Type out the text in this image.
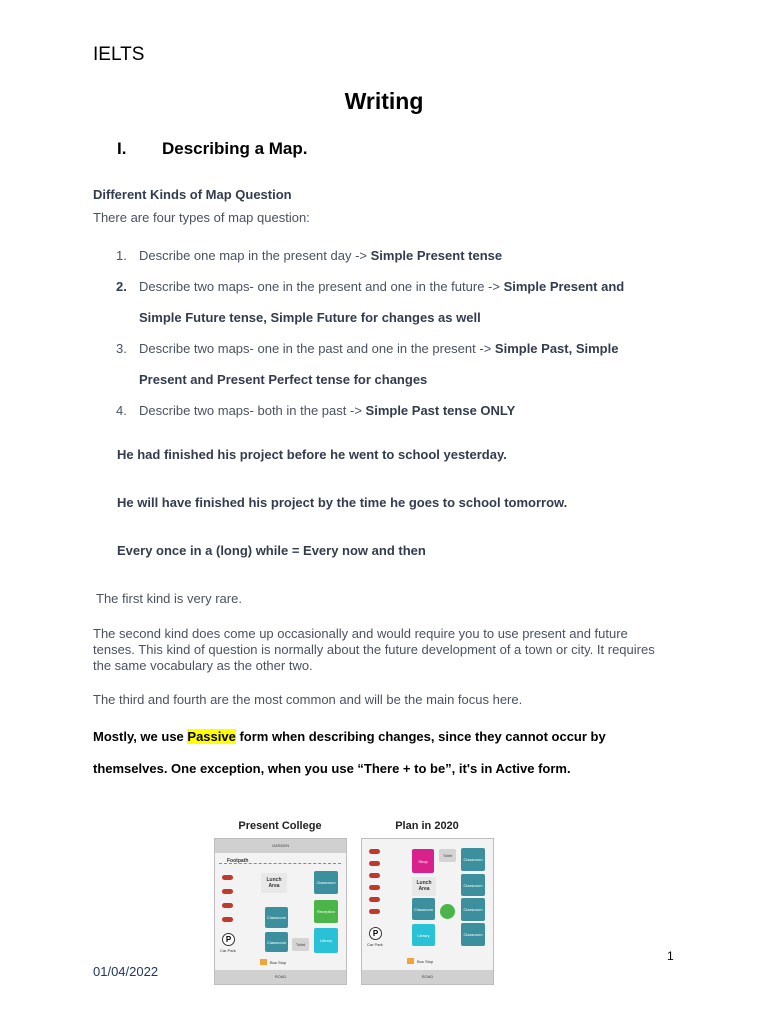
IELTS
Writing
I. Describing a Map.
Different Kinds of Map Question
There are four types of map question:
1. Describe one map in the present day -> Simple Present tense
2. Describe two maps- one in the present and one in the future -> Simple Present and
Simple Future tense, Simple Future for changes as well
3. Describe two maps- one in the past and one in the present -> Simple Past, Simple
Present and Present Perfect tense for changes
4. Describe two maps- both in the past -> Simple Past tense ONLY
He had finished his project before he went to school yesterday.
He will have finished his project by the time he goes to school tomorrow.
Every once in a (long) while = Every now and then
The first kind is very rare.
The second kind does come up occasionally and would require you to use present and future tenses. This kind of question is normally about the future development of a town or city. It requires the same vocabulary as the other two.
The third and fourth are the most common and will be the main focus here.
Mostly, we use Passive form when describing changes, since they cannot occur by
themselves. One exception, when you use “There + to be”, it's in Active form.
Present College	Plan in 2020
GARDEN
Footpath
P
Car Park
Lunch Area
Classroom
Reception
Library
Classroom
Classroom	Toilet
Bus Stop
ROAD
P
Car Park
Shop
Toilet
Lunch Area
Classroom
Classroom
Classroom
Classroom
Classroom
Library
Bus Stop
ROAD
01/04/2022
1
